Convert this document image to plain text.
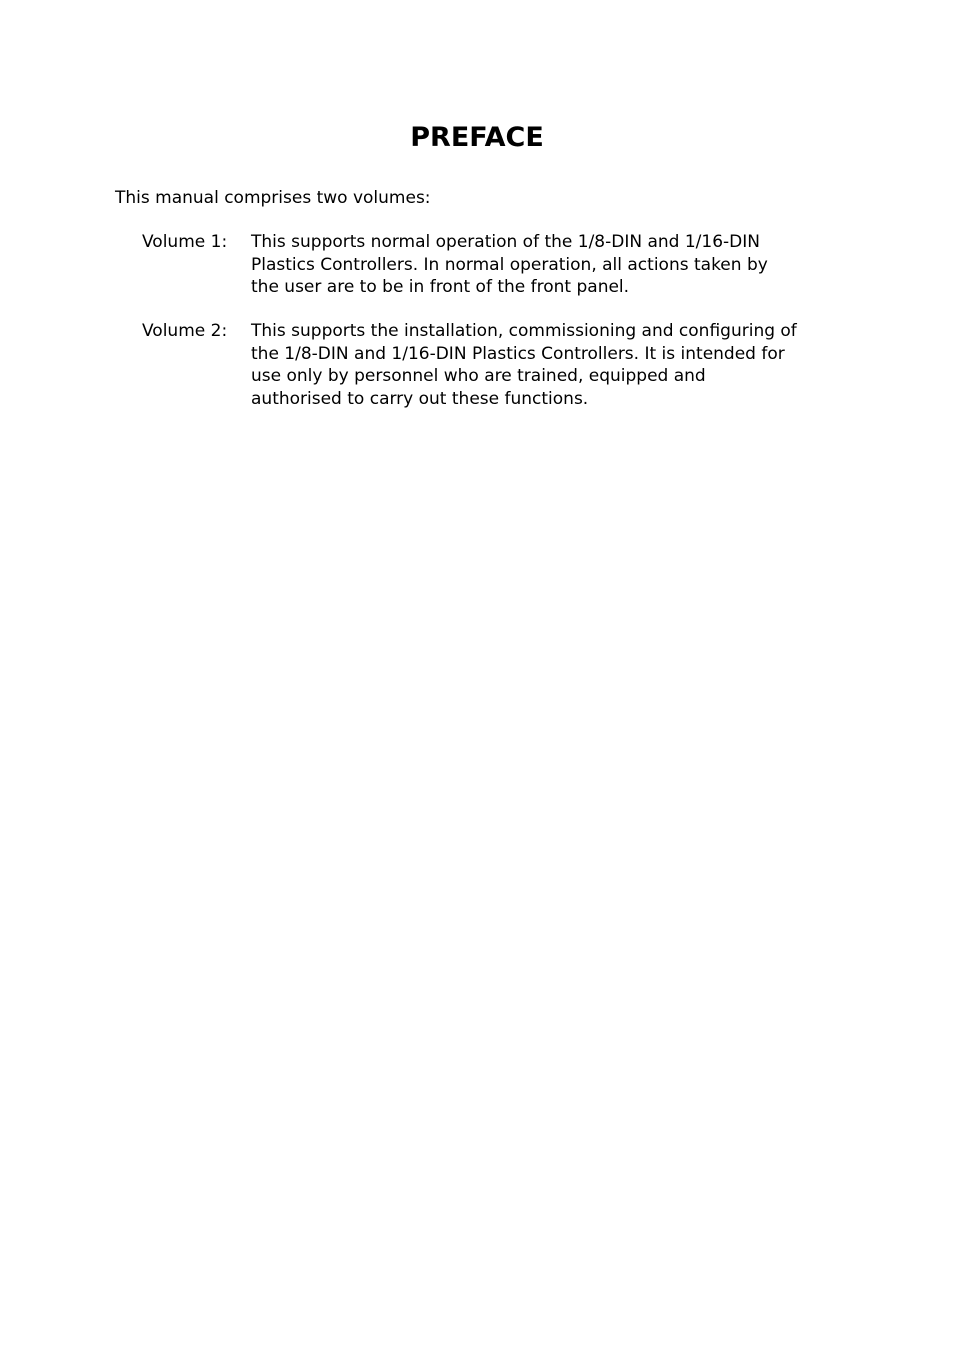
PREFACE

This manual comprises two volumes:

Volume 1: This supports normal operation of the 1/8-DIN and 1/16-DIN
Plastics Controllers. In normal operation, all actions taken by
the user are to be in front of the front panel.
Volume 2: This supports the installation, commissioning and configuring of
the 1/8-DIN and 1/16-DIN Plastics Controllers. It is intended for
use only by personnel who are trained, equipped and
authorised to carry out these functions.
